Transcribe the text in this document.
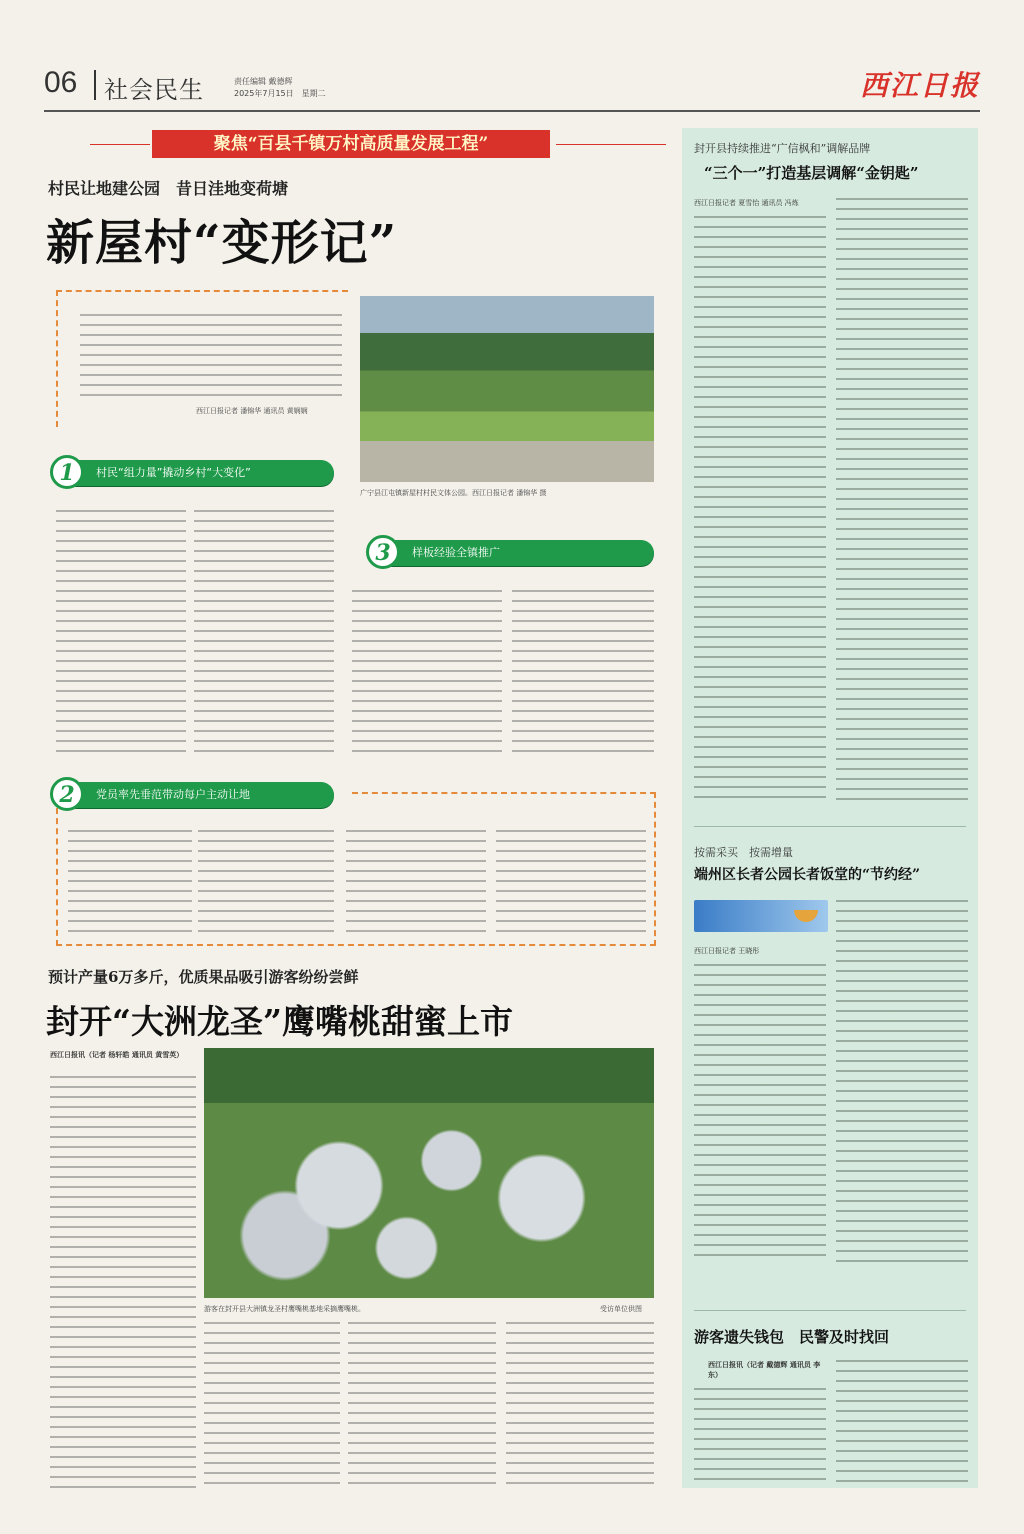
06 社会民生	责任编辑 戴德辉
2025年7月15日　星期二	西江日报
聚焦“百县千镇万村高质量发展工程”
村民让地建公园　昔日洼地变荷塘
新屋村“变形记”
西江日报记者 潘锦华 通讯员 黄娴娴
广宁县江屯镇新屋村村民文体公园。西江日报记者 潘锦华 摄
1	村民“组力量”撬动乡村“大变化”
3	样板经验全镇推广
2	党员率先垂范带动每户主动让地
预计产量6万多斤，优质果品吸引游客纷纷尝鲜
封开“大洲龙圣”鹰嘴桃甜蜜上市
西江日报讯（记者 杨轩皓 通讯员 黄雪英）
游客在封开县大洲镇龙圣村鹰嘴桃基地采摘鹰嘴桃。	受访单位供图
封开县持续推进“广信枫和”调解品牌
“三个一”打造基层调解“金钥匙”
西江日报记者 夏雪怡 通讯员 冯炼
按需采买　按需增量
端州区长者公园长者饭堂的“节约经”
西江日报记者 王晓彤
游客遗失钱包　民警及时找回
西江日报讯（记者 戴德辉 通讯员 李东）
